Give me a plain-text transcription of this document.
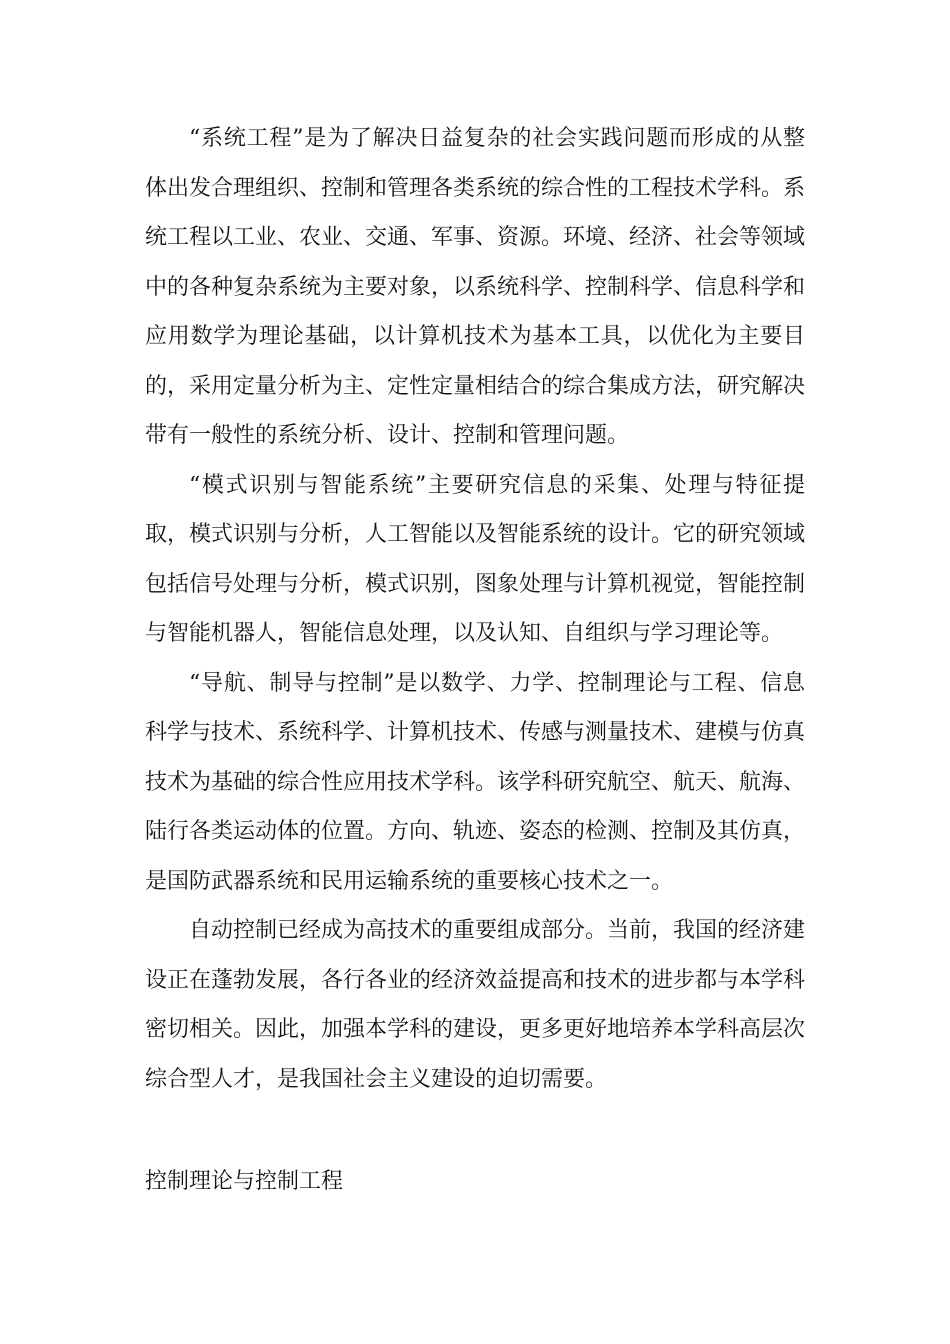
“系统工程”是为了解决日益复杂的社会实践问题而形成的从整体出发合理组织、控制和管理各类系统的综合性的工程技术学科。系统工程以工业、农业、交通、军事、资源。环境、经济、社会等领域中的各种复杂系统为主要对象，以系统科学、控制科学、信息科学和应用数学为理论基础，以计算机技术为基本工具，以优化为主要目的，采用定量分析为主、定性定量相结合的综合集成方法，研究解决带有一般性的系统分析、设计、控制和管理问题。

“模式识别与智能系统”主要研究信息的采集、处理与特征提取，模式识别与分析，人工智能以及智能系统的设计。它的研究领域包括信号处理与分析，模式识别，图象处理与计算机视觉，智能控制与智能机器人，智能信息处理，以及认知、自组织与学习理论等。

“导航、制导与控制”是以数学、力学、控制理论与工程、信息科学与技术、系统科学、计算机技术、传感与测量技术、建模与仿真技术为基础的综合性应用技术学科。该学科研究航空、航天、航海、陆行各类运动体的位置。方向、轨迹、姿态的检测、控制及其仿真，是国防武器系统和民用运输系统的重要核心技术之一。

自动控制已经成为高技术的重要组成部分。当前，我国的经济建设正在蓬勃发展，各行各业的经济效益提高和技术的进步都与本学科密切相关。因此，加强本学科的建设，更多更好地培养本学科高层次综合型人才，是我国社会主义建设的迫切需要。

控制理论与控制工程
